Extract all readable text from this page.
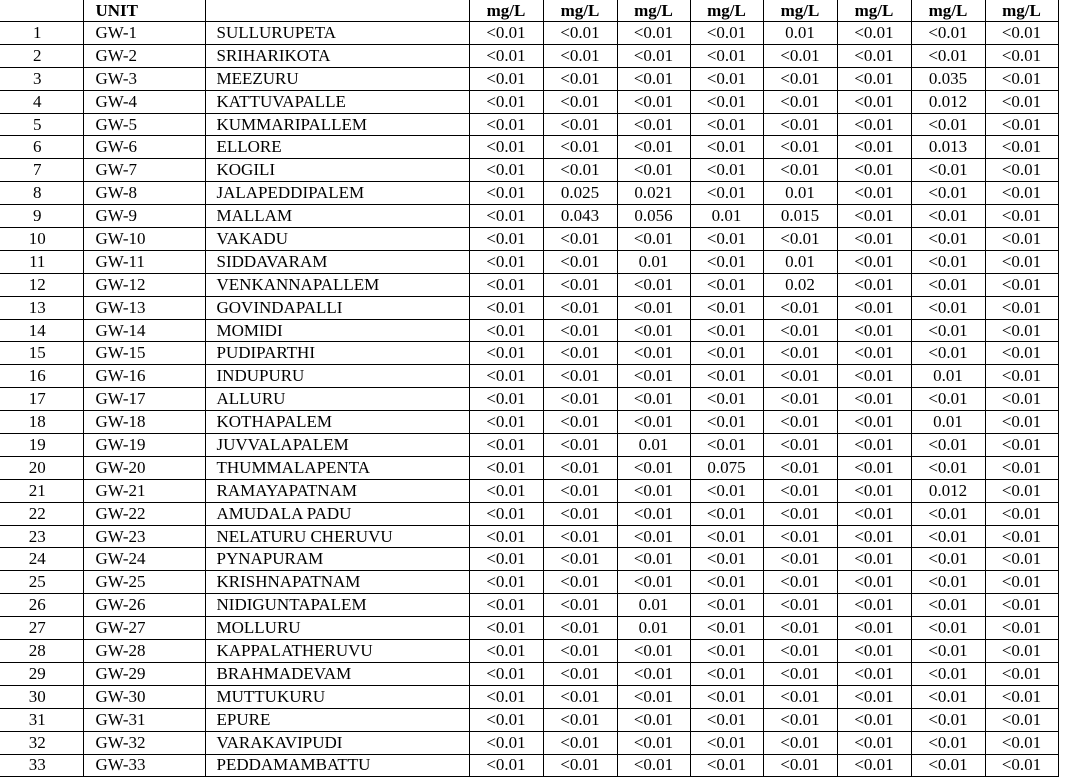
	UNIT		mg/L	mg/L	mg/L	mg/L	mg/L	mg/L	mg/L	mg/L
1	GW-1	SULLURUPETA	<0.01	<0.01	<0.01	<0.01	0.01	<0.01	<0.01	<0.01
2	GW-2	SRIHARIKOTA	<0.01	<0.01	<0.01	<0.01	<0.01	<0.01	<0.01	<0.01
3	GW-3	MEEZURU	<0.01	<0.01	<0.01	<0.01	<0.01	<0.01	0.035	<0.01
4	GW-4	KATTUVAPALLE	<0.01	<0.01	<0.01	<0.01	<0.01	<0.01	0.012	<0.01
5	GW-5	KUMMARIPALLEM	<0.01	<0.01	<0.01	<0.01	<0.01	<0.01	<0.01	<0.01
6	GW-6	ELLORE	<0.01	<0.01	<0.01	<0.01	<0.01	<0.01	0.013	<0.01
7	GW-7	KOGILI	<0.01	<0.01	<0.01	<0.01	<0.01	<0.01	<0.01	<0.01
8	GW-8	JALAPEDDIPALEM	<0.01	0.025	0.021	<0.01	0.01	<0.01	<0.01	<0.01
9	GW-9	MALLAM	<0.01	0.043	0.056	0.01	0.015	<0.01	<0.01	<0.01
10	GW-10	VAKADU	<0.01	<0.01	<0.01	<0.01	<0.01	<0.01	<0.01	<0.01
11	GW-11	SIDDAVARAM	<0.01	<0.01	0.01	<0.01	0.01	<0.01	<0.01	<0.01
12	GW-12	VENKANNAPALLEM	<0.01	<0.01	<0.01	<0.01	0.02	<0.01	<0.01	<0.01
13	GW-13	GOVINDAPALLI	<0.01	<0.01	<0.01	<0.01	<0.01	<0.01	<0.01	<0.01
14	GW-14	MOMIDI	<0.01	<0.01	<0.01	<0.01	<0.01	<0.01	<0.01	<0.01
15	GW-15	PUDIPARTHI	<0.01	<0.01	<0.01	<0.01	<0.01	<0.01	<0.01	<0.01
16	GW-16	INDUPURU	<0.01	<0.01	<0.01	<0.01	<0.01	<0.01	0.01	<0.01
17	GW-17	ALLURU	<0.01	<0.01	<0.01	<0.01	<0.01	<0.01	<0.01	<0.01
18	GW-18	KOTHAPALEM	<0.01	<0.01	<0.01	<0.01	<0.01	<0.01	0.01	<0.01
19	GW-19	JUVVALAPALEM	<0.01	<0.01	0.01	<0.01	<0.01	<0.01	<0.01	<0.01
20	GW-20	THUMMALAPENTA	<0.01	<0.01	<0.01	0.075	<0.01	<0.01	<0.01	<0.01
21	GW-21	RAMAYAPATNAM	<0.01	<0.01	<0.01	<0.01	<0.01	<0.01	0.012	<0.01
22	GW-22	AMUDALA PADU	<0.01	<0.01	<0.01	<0.01	<0.01	<0.01	<0.01	<0.01
23	GW-23	NELATURU CHERUVU	<0.01	<0.01	<0.01	<0.01	<0.01	<0.01	<0.01	<0.01
24	GW-24	PYNAPURAM	<0.01	<0.01	<0.01	<0.01	<0.01	<0.01	<0.01	<0.01
25	GW-25	KRISHNAPATNAM	<0.01	<0.01	<0.01	<0.01	<0.01	<0.01	<0.01	<0.01
26	GW-26	NIDIGUNTAPALEM	<0.01	<0.01	0.01	<0.01	<0.01	<0.01	<0.01	<0.01
27	GW-27	MOLLURU	<0.01	<0.01	0.01	<0.01	<0.01	<0.01	<0.01	<0.01
28	GW-28	KAPPALATHERUVU	<0.01	<0.01	<0.01	<0.01	<0.01	<0.01	<0.01	<0.01
29	GW-29	BRAHMADEVAM	<0.01	<0.01	<0.01	<0.01	<0.01	<0.01	<0.01	<0.01
30	GW-30	MUTTUKURU	<0.01	<0.01	<0.01	<0.01	<0.01	<0.01	<0.01	<0.01
31	GW-31	EPURE	<0.01	<0.01	<0.01	<0.01	<0.01	<0.01	<0.01	<0.01
32	GW-32	VARAKAVIPUDI	<0.01	<0.01	<0.01	<0.01	<0.01	<0.01	<0.01	<0.01
33	GW-33	PEDDAMAMBATTU	<0.01	<0.01	<0.01	<0.01	<0.01	<0.01	<0.01	<0.01
